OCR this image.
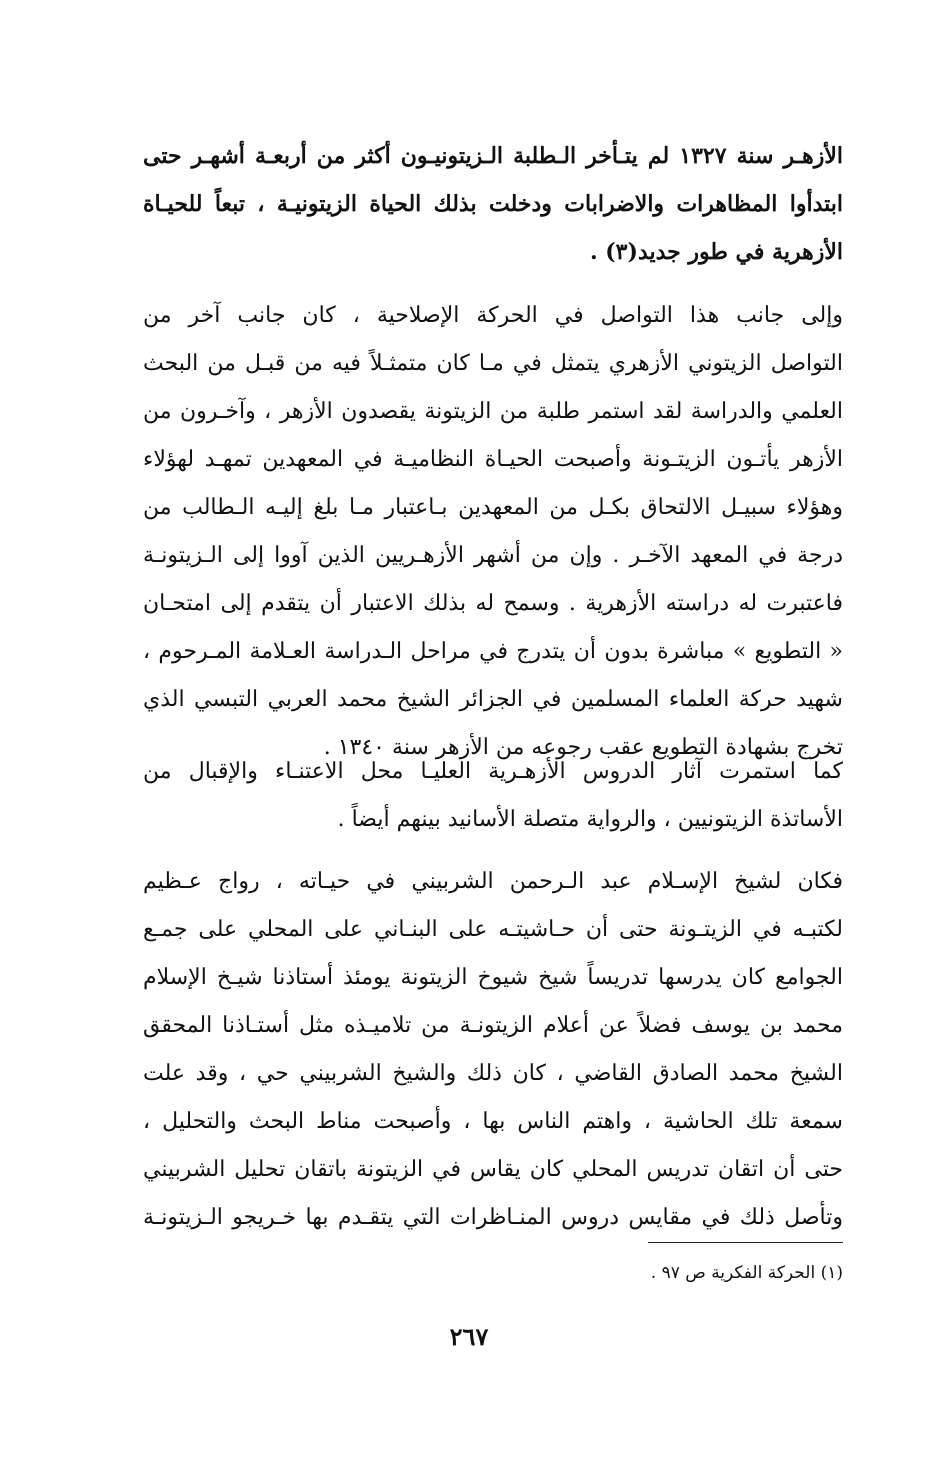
الأزهـر سنة ١٣٢٧ لم يتـأخر الـطلبة الـزيتونيـون أكثر من أربعـة أشهـر حتى
ابتدأوا المظاهرات والاضرابات ودخلت بذلك الحياة الزيتونيـة ، تبعاً للحيـاة
الأزهرية في طور جديد(٣) .
وإلى جانب هذا التواصل في الحركة الإصلاحية ، كان جانب آخر من
التواصل الزيتوني الأزهري يتمثل في مـا كان متمثـلاً فيه من قبـل من البحث
العلمي والدراسة لقد استمر طلبة من الزيتونة يقصدون الأزهر ، وآخـرون من
الأزهر يأتـون الزيتـونة وأصبحت الحيـاة النظاميـة في المعهدين تمهـد لهؤلاء
وهؤلاء سبيـل الالتحاق بكـل من المعهدين بـاعتبار مـا بلغ إليـه الـطالب من
درجة في المعهد الآخـر . وإن من أشهر الأزهـريين الذين آووا إلى الـزيتونـة
فاعتبرت له دراسته الأزهرية . وسمح له بذلك الاعتبار أن يتقدم إلى امتحـان
« التطويع » مباشرة بدون أن يتدرج في مراحل الـدراسة العـلامة المـرحوم ،
شهيد حركة العلماء المسلمين في الجزائر الشيخ محمد العربي التبسي الذي
تخرج بشهادة التطويع عقب رجوعه من الأزهر سنة ١٣٤٠ .
كما استمرت آثار الدروس الأزهـرية العليـا محل الاعتنـاء والإقبال من
الأساتذة الزيتونيين ، والرواية متصلة الأسانيد بينهم أيضاً .
فكان لشيخ الإسـلام عبد الـرحمن الشربيني في حيـاته ، رواج عـظيم
لكتبـه في الزيتـونة حتى أن حـاشيتـه على البنـاني على المحلي على جمـع
الجوامع كان يدرسها تدريساً شيخ شيوخ الزيتونة يومئذ أستاذنا شيـخ الإسلام
محمد بن يوسف فضلاً عن أعلام الزيتونـة من تلاميـذه مثل أستـاذنا المحقق
الشيخ محمد الصادق القاضي ، كان ذلك والشيخ الشربيني حي ، وقد علت
سمعة تلك الحاشية ، واهتم الناس بها ، وأصبحت مناط البحث والتحليل ،
حتى أن اتقان تدريس المحلي كان يقاس في الزيتونة باتقان تحليل الشربيني
وتأصل ذلك في مقايس دروس المنـاظرات التي يتقـدم بها خـريجو الـزيتونـة
(١) الحركة الفكرية ص ٩٧ .
٢٦٧
